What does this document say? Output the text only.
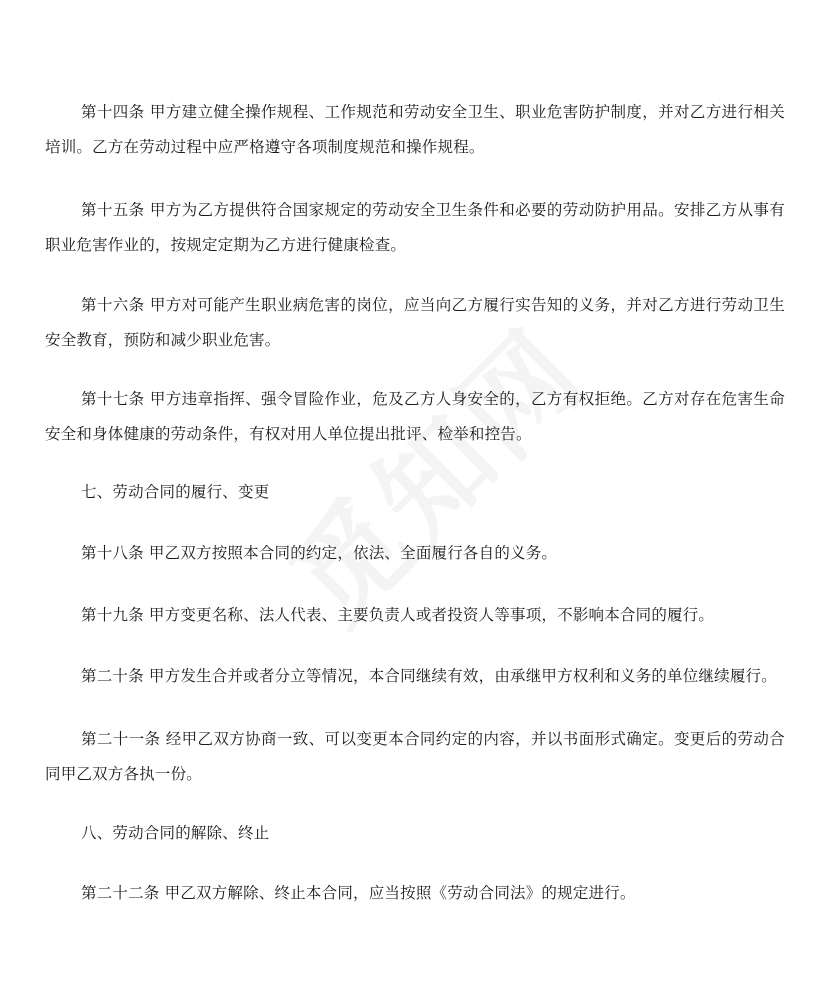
第十四条 甲方建立健全操作规程、工作规范和劳动安全卫生、职业危害防护制度，并对乙方进行相关培训。乙方在劳动过程中应严格遵守各项制度规范和操作规程。

第十五条 甲方为乙方提供符合国家规定的劳动安全卫生条件和必要的劳动防护用品。安排乙方从事有职业危害作业的，按规定定期为乙方进行健康检查。

第十六条 甲方对可能产生职业病危害的岗位，应当向乙方履行实告知的义务，并对乙方进行劳动卫生安全教育，预防和减少职业危害。

第十七条 甲方违章指挥、强令冒险作业，危及乙方人身安全的，乙方有权拒绝。乙方对存在危害生命安全和身体健康的劳动条件，有权对用人单位提出批评、检举和控告。

七、劳动合同的履行、变更

第十八条 甲乙双方按照本合同的约定，依法、全面履行各自的义务。

第十九条 甲方变更名称、法人代表、主要负责人或者投资人等事项，不影响本合同的履行。

第二十条 甲方发生合并或者分立等情况，本合同继续有效，由承继甲方权利和义务的单位继续履行。

第二十一条 经甲乙双方协商一致、可以变更本合同约定的内容，并以书面形式确定。变更后的劳动合同甲乙双方各执一份。

八、劳动合同的解除、终止

第二十二条 甲乙双方解除、终止本合同，应当按照《劳动合同法》的规定进行。
